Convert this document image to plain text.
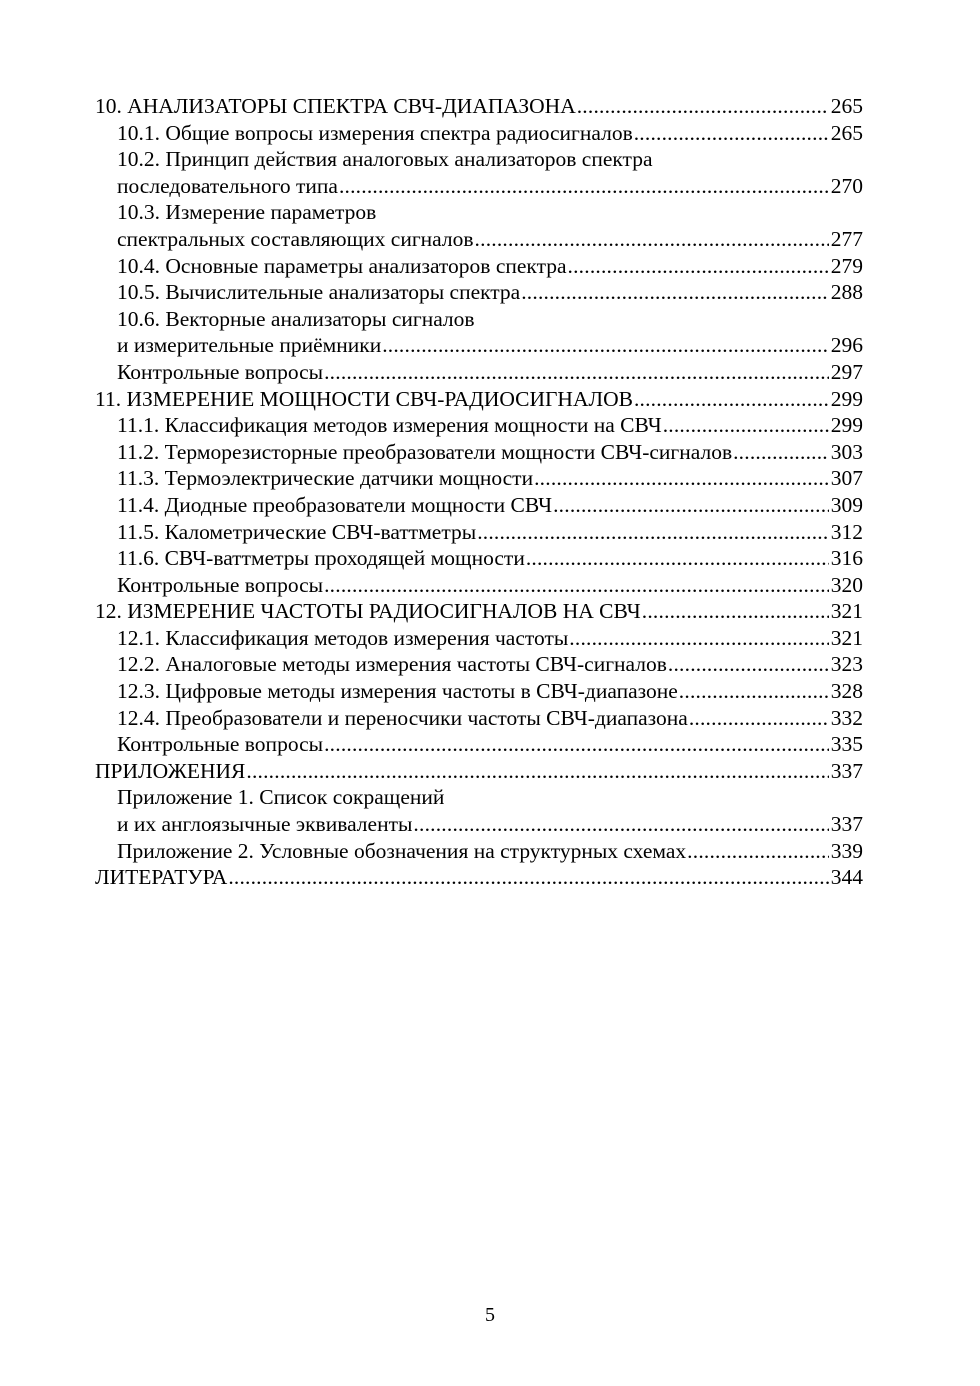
10. АНАЛИЗАТОРЫ СПЕКТРА СВЧ-ДИАПАЗОНА .....	265
10.1. Общие вопросы измерения спектра радиосигналов .....	265
10.2. Принцип действия аналоговых анализаторов спектра
последовательного типа .....	270
10.3. Измерение параметров
спектральных составляющих сигналов .....	277
10.4. Основные параметры анализаторов спектра .....	279
10.5. Вычислительные анализаторы спектра .....	288
10.6. Векторные анализаторы сигналов
и измерительные приёмники .....	296
Контрольные вопросы .....	297
11. ИЗМЕРЕНИЕ МОЩНОСТИ СВЧ-РАДИОСИГНАЛОВ .....	299
11.1. Классификация методов измерения мощности на СВЧ .....	299
11.2. Терморезисторные преобразователи мощности СВЧ-сигналов .....	303
11.3. Термоэлектрические датчики мощности .....	307
11.4. Диодные преобразователи мощности СВЧ .....	309
11.5. Калометрические СВЧ-ваттметры .....	312
11.6. СВЧ-ваттметры проходящей мощности .....	316
Контрольные вопросы .....	320
12. ИЗМЕРЕНИЕ ЧАСТОТЫ РАДИОСИГНАЛОВ НА СВЧ .....	321
12.1. Классификация методов измерения частоты .....	321
12.2. Аналоговые методы измерения частоты СВЧ-сигналов .....	323
12.3. Цифровые методы измерения частоты в СВЧ-диапазоне .....	328
12.4. Преобразователи и переносчики частоты СВЧ-диапазона .....	332
Контрольные вопросы .....	335
ПРИЛОЖЕНИЯ .....	337
Приложение 1. Список сокращений
и их англоязычные эквиваленты .....	337
Приложение 2. Условные обозначения на структурных схемах .....	339
ЛИТЕРАТУРА .....	344
5
